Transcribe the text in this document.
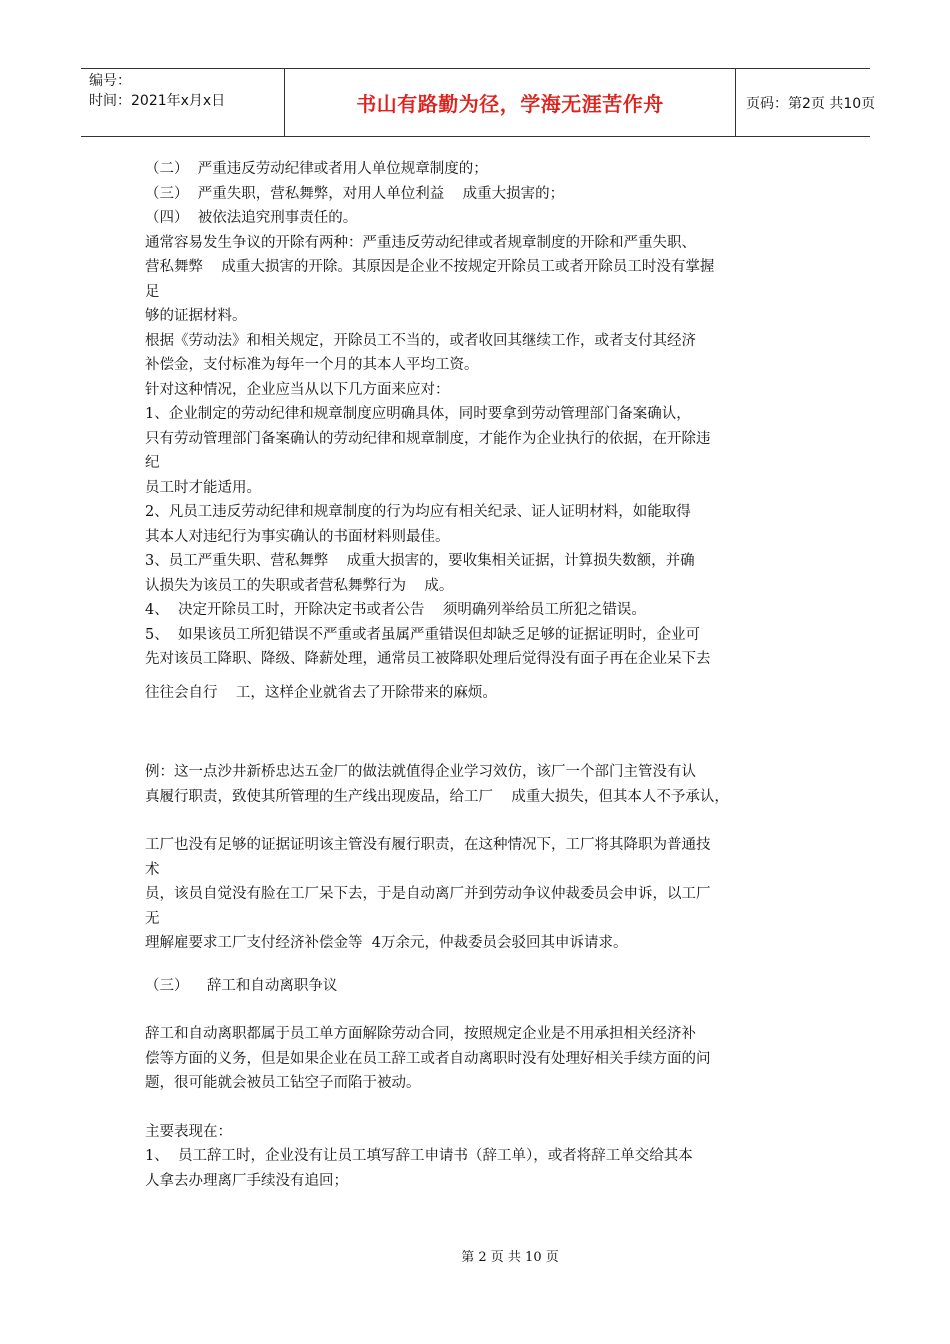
编号：
时间：2021年x月x日	书山有路勤为径，学海无涯苦作舟	页码：第2页 共10页

（二）  严重违反劳动纪律或者用人单位规章制度的；

（三）  严重失职，营私舞弊，对用人单位利益    成重大损害的；

（四）  被依法追究刑事责任的。

通常容易发生争议的开除有两种：严重违反劳动纪律或者规章制度的开除和严重失职、

营私舞弊    成重大损害的开除。其原因是企业不按规定开除员工或者开除员工时没有掌握

足

够的证据材料。

根据《劳动法》和相关规定，开除员工不当的，或者收回其继续工作，或者支付其经济

补偿金，支付标准为每年一个月的其本人平均工资。

针对这种情况，企业应当从以下几方面来应对：

1、企业制定的劳动纪律和规章制度应明确具体，同时要拿到劳动管理部门备案确认，

只有劳动管理部门备案确认的劳动纪律和规章制度，才能作为企业执行的依据，在开除违

纪

员工时才能适用。

2、凡员工违反劳动纪律和规章制度的行为均应有相关纪录、证人证明材料，如能取得

其本人对违纪行为事实确认的书面材料则最佳。

3、员工严重失职、营私舞弊    成重大损害的，要收集相关证据，计算损失数额，并确

认损失为该员工的失职或者营私舞弊行为    成。

4、  决定开除员工时，开除决定书或者公告    须明确列举给员工所犯之错误。

5、  如果该员工所犯错误不严重或者虽属严重错误但却缺乏足够的证据证明时，企业可

先对该员工降职、降级、降薪处理，通常员工被降职处理后觉得没有面子再在企业呆下去

往往会自行    工，这样企业就省去了开除带来的麻烦。

例：这一点沙井新桥忠达五金厂的做法就值得企业学习效仿，该厂一个部门主管没有认

真履行职责，致使其所管理的生产线出现废品，给工厂    成重大损失，但其本人不予承认，

工厂也没有足够的证据证明该主管没有履行职责，在这种情况下，工厂将其降职为普通技

术

员，该员自觉没有脸在工厂呆下去，于是自动离厂并到劳动争议仲裁委员会申诉，以工厂

无

理解雇要求工厂支付经济补偿金等  4万余元，仲裁委员会驳回其申诉请求。

（三）    辞工和自动离职争议

辞工和自动离职都属于员工单方面解除劳动合同，按照规定企业是不用承担相关经济补

偿等方面的义务，但是如果企业在员工辞工或者自动离职时没有处理好相关手续方面的问

题，很可能就会被员工钻空子而陷于被动。

主要表现在：

1、  员工辞工时，企业没有让员工填写辞工申请书（辞工单），或者将辞工单交给其本

人拿去办理离厂手续没有追回；

第 2 页 共 10 页
